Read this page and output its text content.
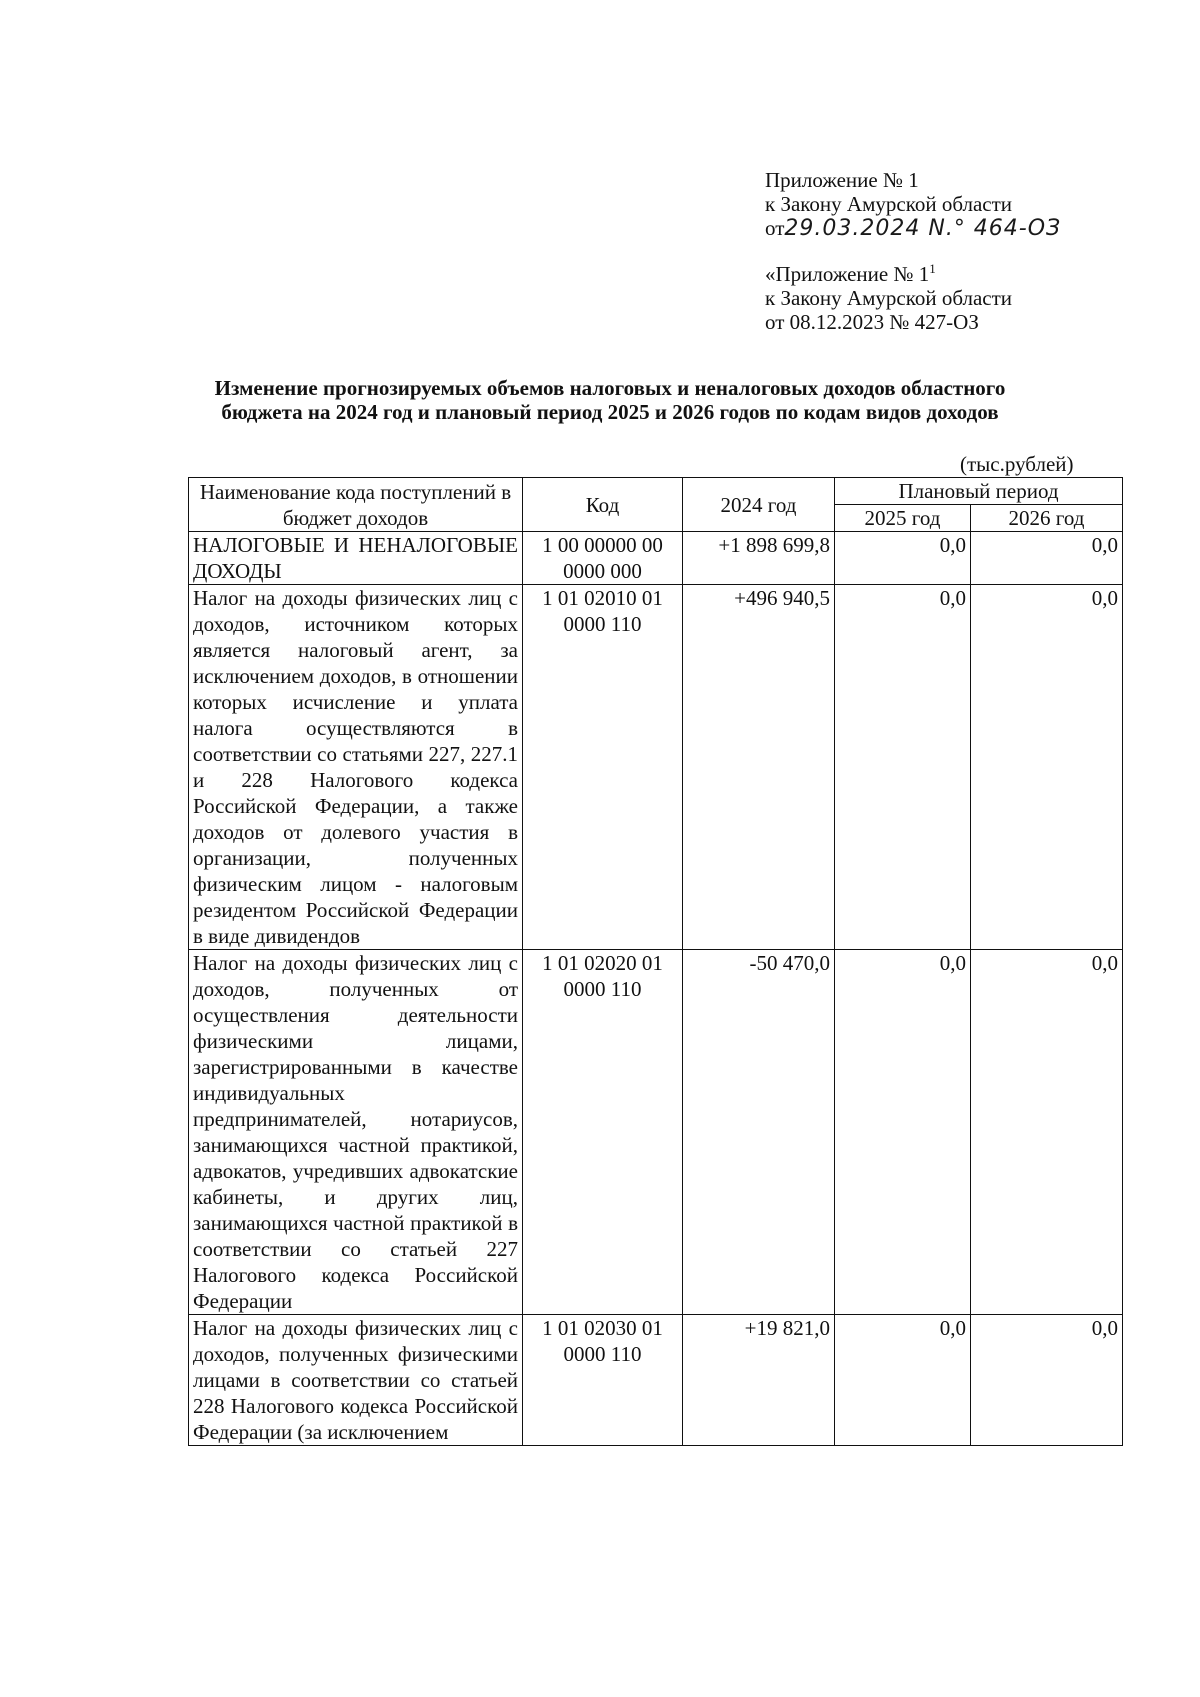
Приложение № 1
к Закону Амурской области
от29.03.2024 N.° 464-ОЗ
«Приложение № $1^1$
к Закону Амурской области
от 08.12.2023 № 427-ОЗ
Изменение прогнозируемых объемов налоговых и неналоговых доходов областного
бюджета на 2024 год и плановый период 2025 и 2026 годов по кодам видов доходов
(тыс.рублей)
Наименование кода поступлений в бюджет доходов	Код	2024 год	Плановый период	
			2025 год	2026 год
НАЛОГОВЫЕ И НЕНАЛОГОВЫЕ ДОХОДЫ	1 00 00000 00 0000 000	+1 898 699,8	0,0	0,0
Налог на доходы физических лиц с доходов, источником которых является налоговый агент, за исключением доходов, в отношении которых исчисление и уплата налога осуществляются в соответствии со статьями 227, 227.1 и 228 Налогового кодекса Российской Федерации, а также доходов от долевого участия в организации, полученных физическим лицом - налоговым резидентом Российской Федерации в виде дивидендов	1 01 02010 01 0000 110	+496 940,5	0,0	0,0
Налог на доходы физических лиц с доходов, полученных от осуществления деятельности физическими лицами, зарегистрированными в качестве индивидуальных предпринимателей, нотариусов, занимающихся частной практикой, адвокатов, учредивших адвокатские кабинеты, и других лиц, занимающихся частной практикой в соответствии со статьей 227 Налогового кодекса Российской Федерации	1 01 02020 01 0000 110	-50 470,0	0,0	0,0
Налог на доходы физических лиц с доходов, полученных физическими лицами в соответствии со статьей 228 Налогового кодекса Российской Федерации (за исключением	1 01 02030 01 0000 110	+19 821,0	0,0	0,0
